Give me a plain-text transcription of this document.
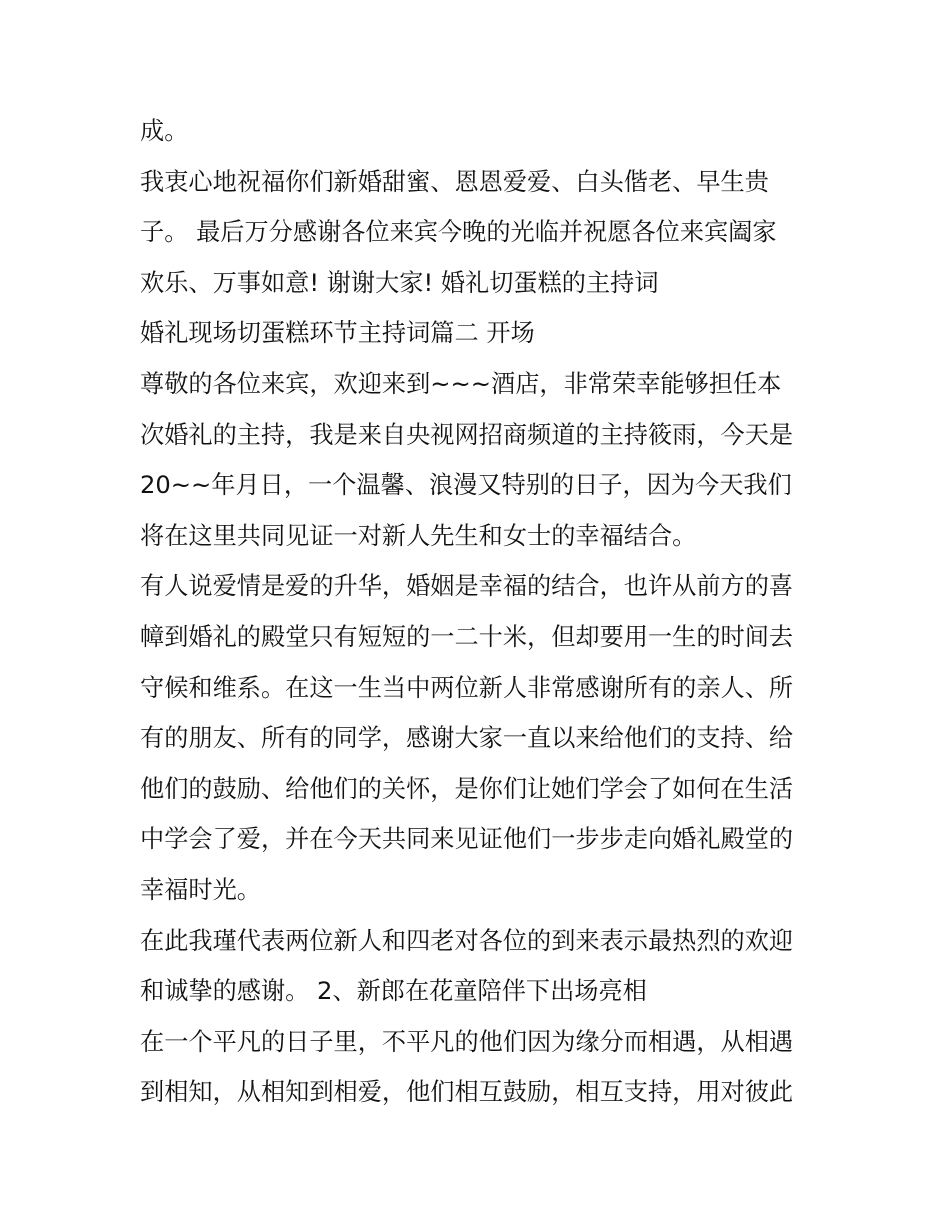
成。
我衷心地祝福你们新婚甜蜜、恩恩爱爱、白头偕老、早生贵
子。 最后万分感谢各位来宾今晚的光临并祝愿各位来宾阖家
欢乐、万事如意! 谢谢大家! 婚礼切蛋糕的主持词
婚礼现场切蛋糕环节主持词篇二 开场
尊敬的各位来宾，欢迎来到~~~酒店，非常荣幸能够担任本
次婚礼的主持，我是来自央视网招商频道的主持筱雨，今天是
20~~年月日，一个温馨、浪漫又特别的日子，因为今天我们
将在这里共同见证一对新人先生和女士的幸福结合。
有人说爱情是爱的升华，婚姻是幸福的结合，也许从前方的喜
幛到婚礼的殿堂只有短短的一二十米，但却要用一生的时间去
守候和维系。在这一生当中两位新人非常感谢所有的亲人、所
有的朋友、所有的同学，感谢大家一直以来给他们的支持、给
他们的鼓励、给他们的关怀，是你们让她们学会了如何在生活
中学会了爱，并在今天共同来见证他们一步步走向婚礼殿堂的
幸福时光。
在此我瑾代表两位新人和四老对各位的到来表示最热烈的欢迎
和诚挚的感谢。 2、新郎在花童陪伴下出场亮相
在一个平凡的日子里，不平凡的他们因为缘分而相遇，从相遇
到相知，从相知到相爱，他们相互鼓励，相互支持，用对彼此
